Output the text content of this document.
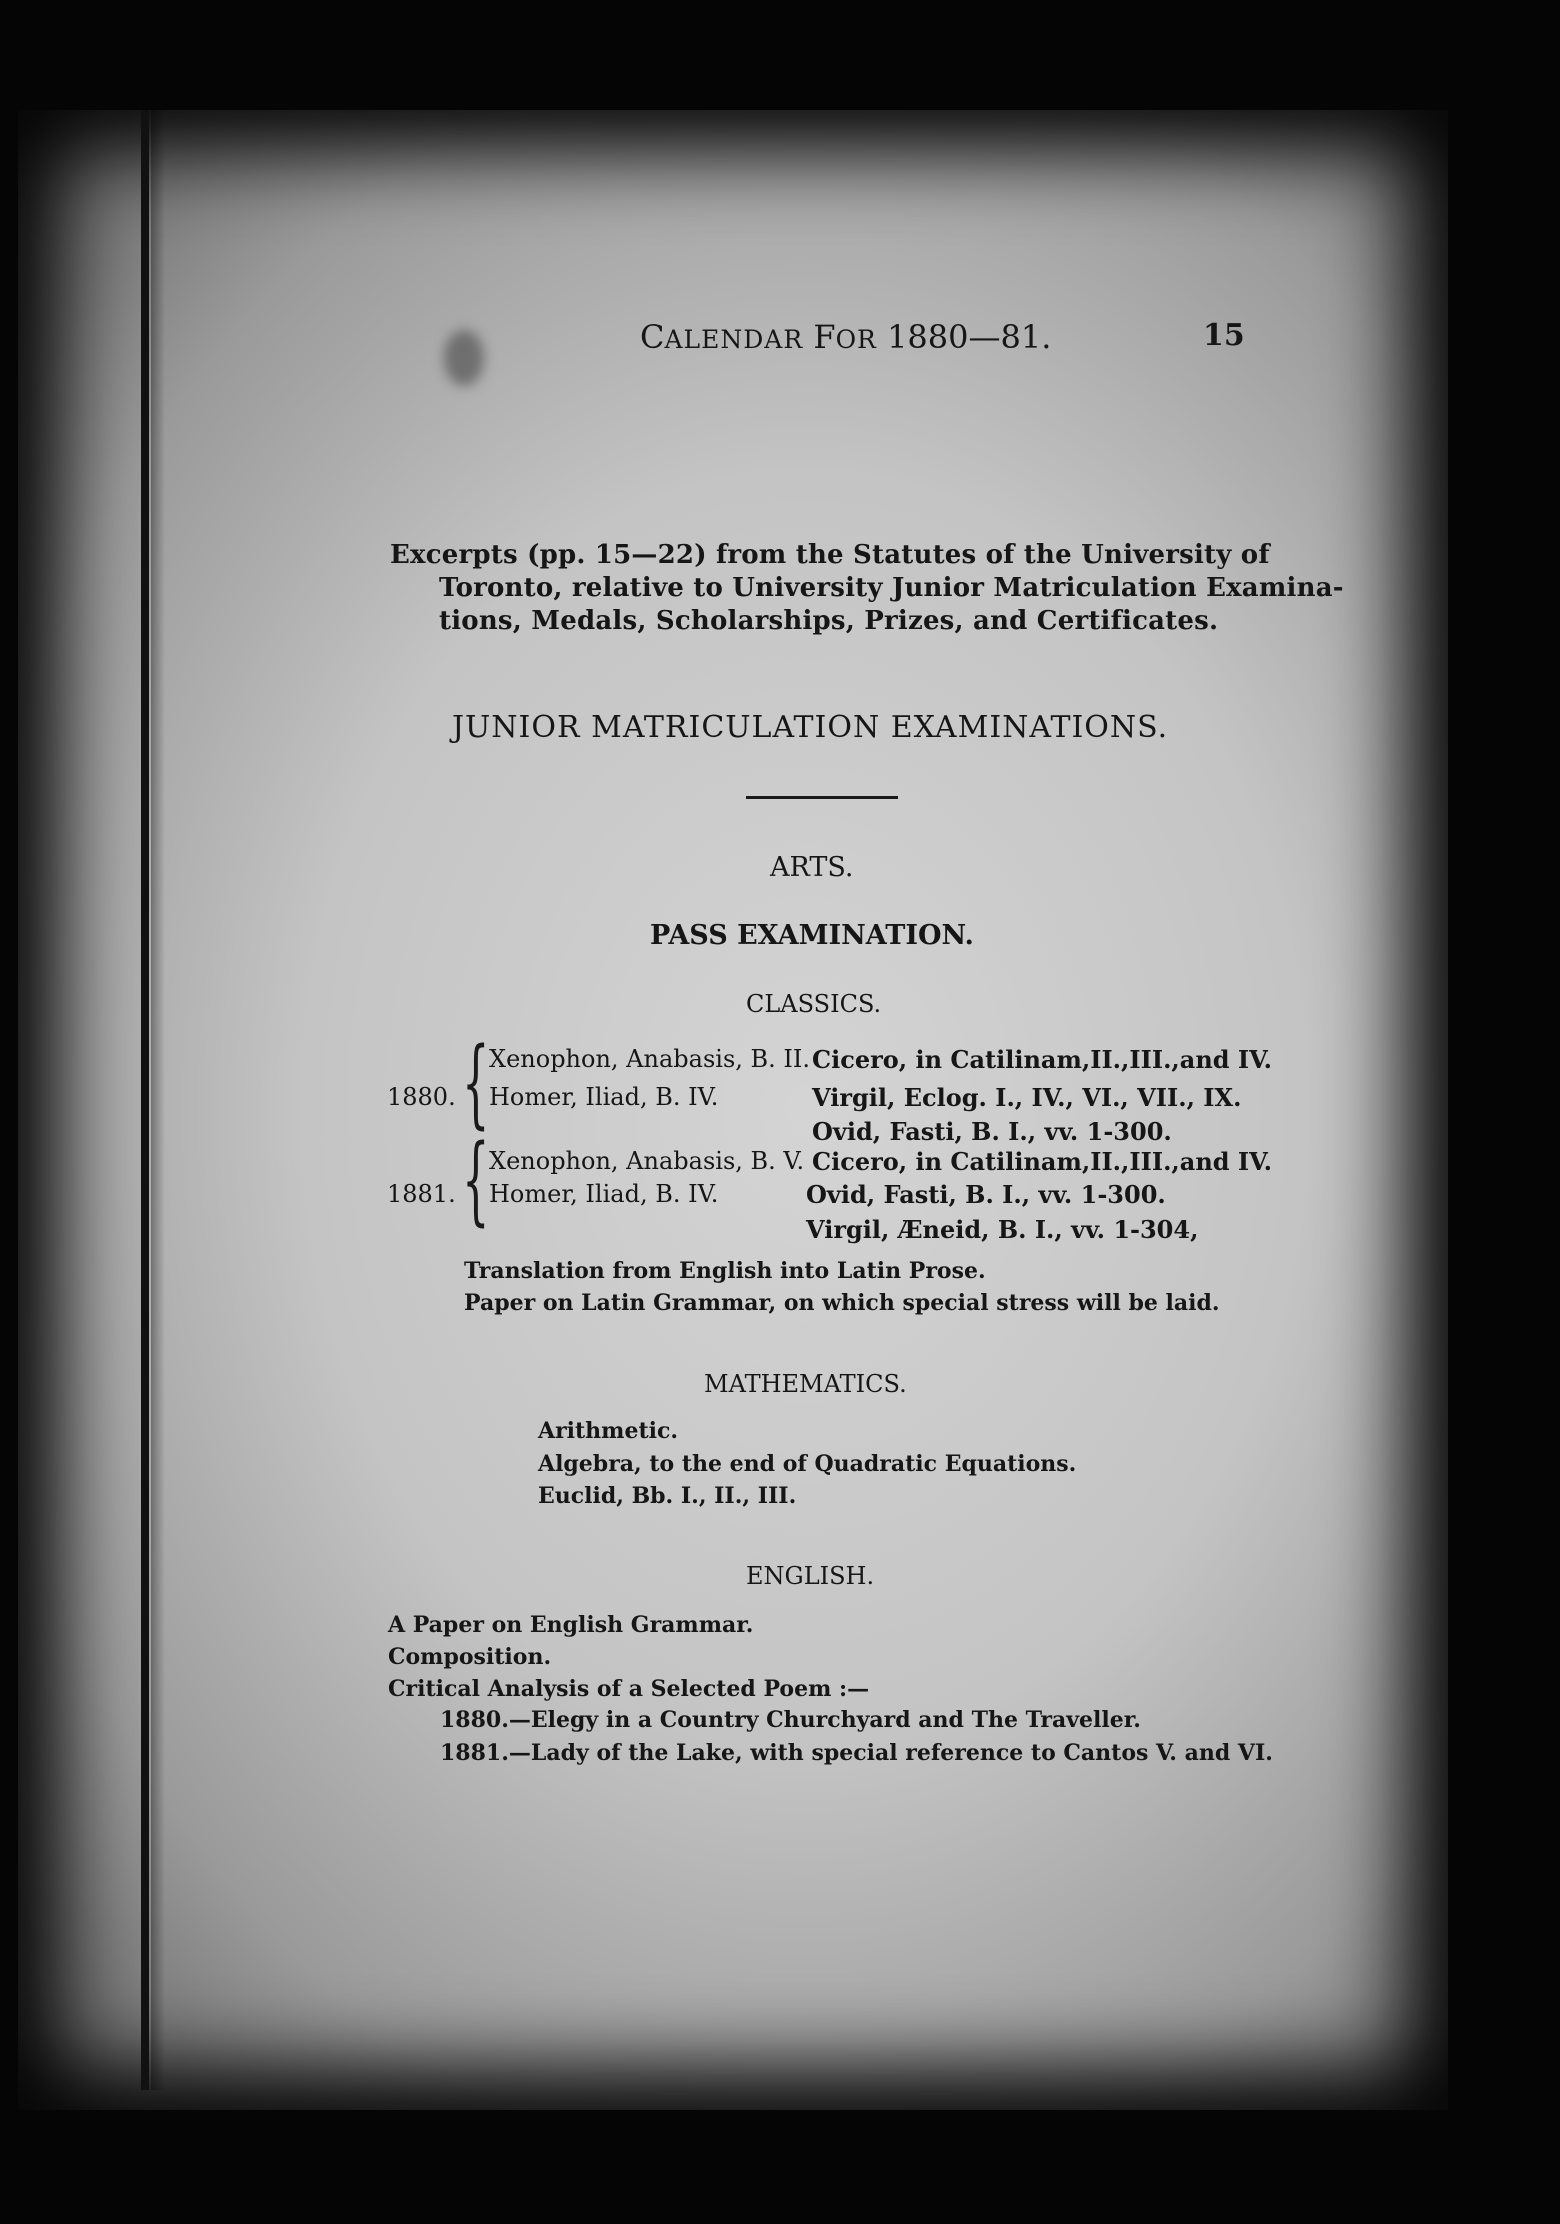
CALENDAR FOR 1880—81.	15
Excerpts (pp. 15—22) from the Statutes of the University of
Toronto, relative to University Junior Matriculation Examina-
tions, Medals, Scholarships, Prizes, and Certificates.
JUNIOR MATRICULATION EXAMINATIONS.
ARTS.
PASS EXAMINATION.
CLASSICS.
1880. { Xenophon, Anabasis, B. II.
Homer, Iliad, B. IV.
Cicero, in Catilinam,II.,III.,and IV.
Virgil, Eclog. I., IV., VI., VII., IX.
Ovid, Fasti, B. I., vv. 1-300.
1881. { Xenophon, Anabasis, B. V.
Homer, Iliad, B. IV.
Cicero, in Catilinam,II.,III.,and IV.
Ovid, Fasti, B. I., vv. 1-300.
Virgil, Æneid, B. I., vv. 1-304,
Translation from English into Latin Prose.
Paper on Latin Grammar, on which special stress will be laid.
MATHEMATICS.
Arithmetic.
Algebra, to the end of Quadratic Equations.
Euclid, Bb. I., II., III.
ENGLISH.
A Paper on English Grammar.
Composition.
Critical Analysis of a Selected Poem :—
1880.—Elegy in a Country Churchyard and The Traveller.
1881.—Lady of the Lake, with special reference to Cantos V. and VI.
